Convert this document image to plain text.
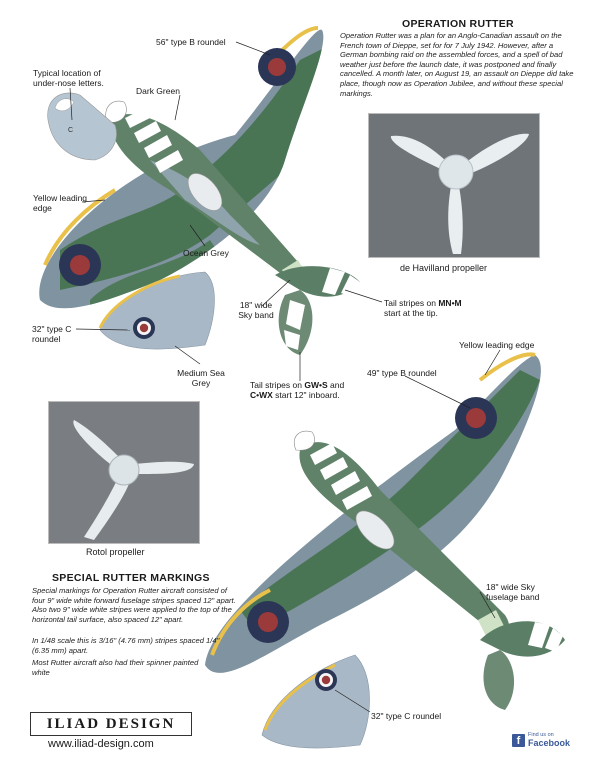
C
de Havilland propeller
Rotol propeller
OPERATION RUTTER
Operation Rutter was a plan for an Anglo-Canadian assault on the French town of Dieppe, set for for 7 July 1942. However, after a German bombing raid on the assembled forces, and a spell of bad weather just before the launch date, it was postponed and finally cancelled. A month later, on August 19, an assault on Dieppe did take place, though now as Operation Jubilee, and without these special markings.
56" type B roundel
Typical location of under-nose letters.
Dark Green
Yellow leading edge
Ocean Grey
18" wide Sky band
Tail stripes on MN•M
start at the tip.
32" type C roundel
Medium Sea Grey	Tail stripes on GW•S and
C•WX start 12" inboard.
Yellow leading edge
49" type B roundel
18" wide Sky fuselage band
32" type C roundel
SPECIAL RUTTER MARKINGS
Special markings for Operation Rutter aircraft consisted of four 9" wide white forward fuselage stripes spaced 12" apart. Also two 9" wide white stripes were applied to the top of the horizontal tail surface, also spaced 12" apart.
In 1/48 scale this is 3/16" (4.76 mm) stripes spaced 1/4" (6.35 mm) apart.
Most Rutter aircraft also had their spinner painted white
ILIAD DESIGN
www.iliad-design.com	f	Find us on
Facebook
